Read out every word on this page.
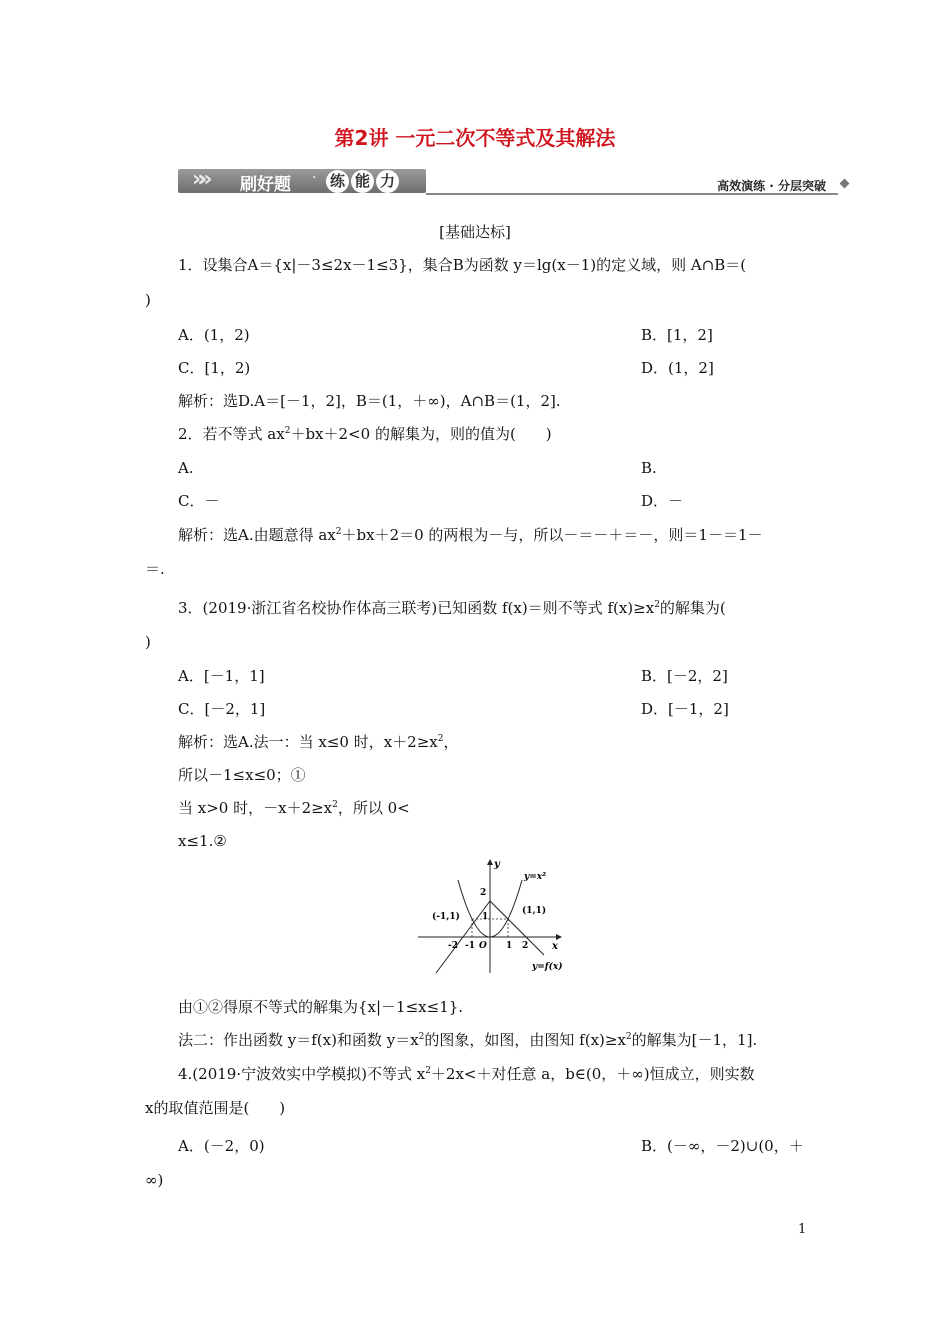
第2讲 一元二次不等式及其解法
»» 刷好题 · 练 能 力	高效演练 · 分层突破
[基础达标]
1．设集合A＝{x|－3≤2x－1≤3}，集合B为函数 y＝lg(x－1)的定义域，则 A∩B＝(
)
A．(1，2)	B．[1，2]
C．[1，2)	D．(1，2]
解析：选D.A＝[－1，2]，B＝(1，＋∞)，A∩B＝(1，2].
2．若不等式 $ax^2+bx+2<0$ 的解集为，则的值为(　　)
A.	B.
C．－	D．－
解析：选A.由题意得 $ax^2+bx+2=0$ 的两根为－与，所以－＝－＋＝－，则＝1－＝1－
＝.
3．(2019·浙江省名校协作体高三联考)已知函数 f(x)＝则不等式 $f(x)\ge x^2$的解集为(
)
A．[－1，1]	B．[－2，2]
C．[－2，1]	D．[－1，2]
解析：选A.法一：当 x≤0 时，$x+2\ge x^2$，
所以－1≤x≤0；①
当 x>0 时，$-x+2\ge x^2$，所以 0<
x≤1.②
y
x
y=x²
y=f(x)
(-1,1)
(1,1)
2
1
-2 -1 O 1 2
由①②得原不等式的解集为{x|－1≤x≤1}.
法二：作出函数 y＝f(x)和函数 $y=x^2$的图象，如图，由图知 $f(x)\ge x^2$的解集为[－1，1].
4.(2019·宁波效实中学模拟)不等式 $x^2+2x<+$对任意 a，b∈(0，＋∞)恒成立，则实数
x的取值范围是(　　)
A．(－2，0)	B．(－∞，－2)∪(0，＋
∞)
1
